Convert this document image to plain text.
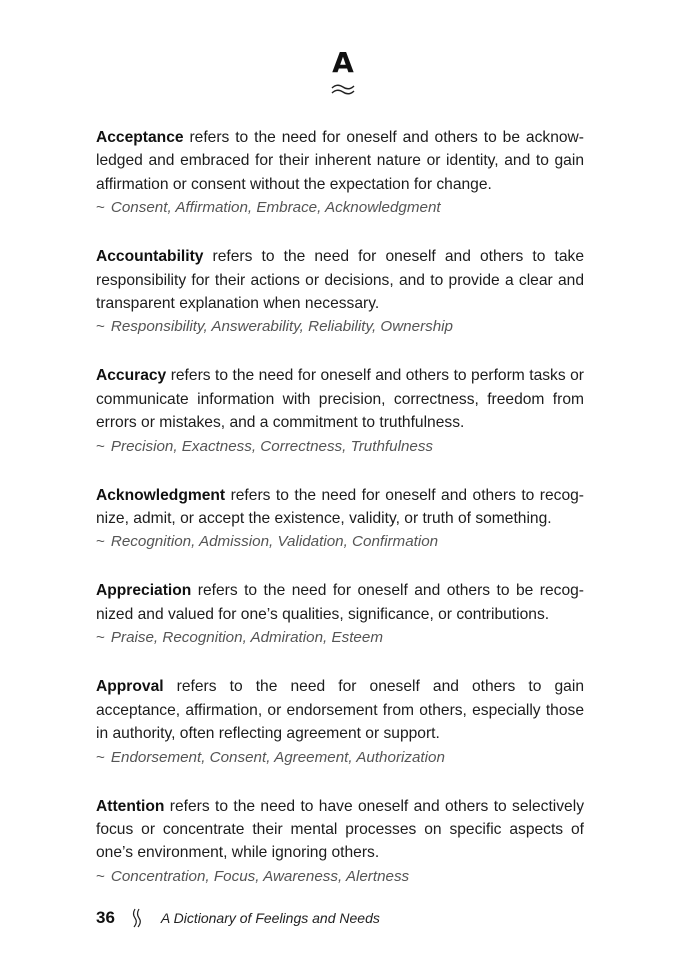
A

Acceptance refers to the need for oneself and others to be acknow-ledged and embraced for their inherent nature or identity, and to gain affirmation or consent without the expectation for change.

~ Consent, Affirmation, Embrace, Acknowledgment

Accountability refers to the need for oneself and others to take responsibility for their actions or decisions, and to provide a clear and transparent explanation when necessary.

~ Responsibility, Answerability, Reliability, Ownership

Accuracy refers to the need for oneself and others to perform tasks or communicate information with precision, correctness, freedom from errors or mistakes, and a commitment to truthfulness.

~ Precision, Exactness, Correctness, Truthfulness

Acknowledgment refers to the need for oneself and others to recog-nize, admit, or accept the existence, validity, or truth of something.

~ Recognition, Admission, Validation, Confirmation

Appreciation refers to the need for oneself and others to be recog-nized and valued for one’s qualities, significance, or contributions.

~ Praise, Recognition, Admiration, Esteem

Approval refers to the need for oneself and others to gain acceptance, affirmation, or endorsement from others, especially those in authority, often reflecting agreement or support.

~ Endorsement, Consent, Agreement, Authorization

Attention refers to the need to have oneself and others to selectively focus or concentrate their mental processes on specific aspects of one’s environment, while ignoring others.

~ Concentration, Focus, Awareness, Alertness

36	A Dictionary of Feelings and Needs
